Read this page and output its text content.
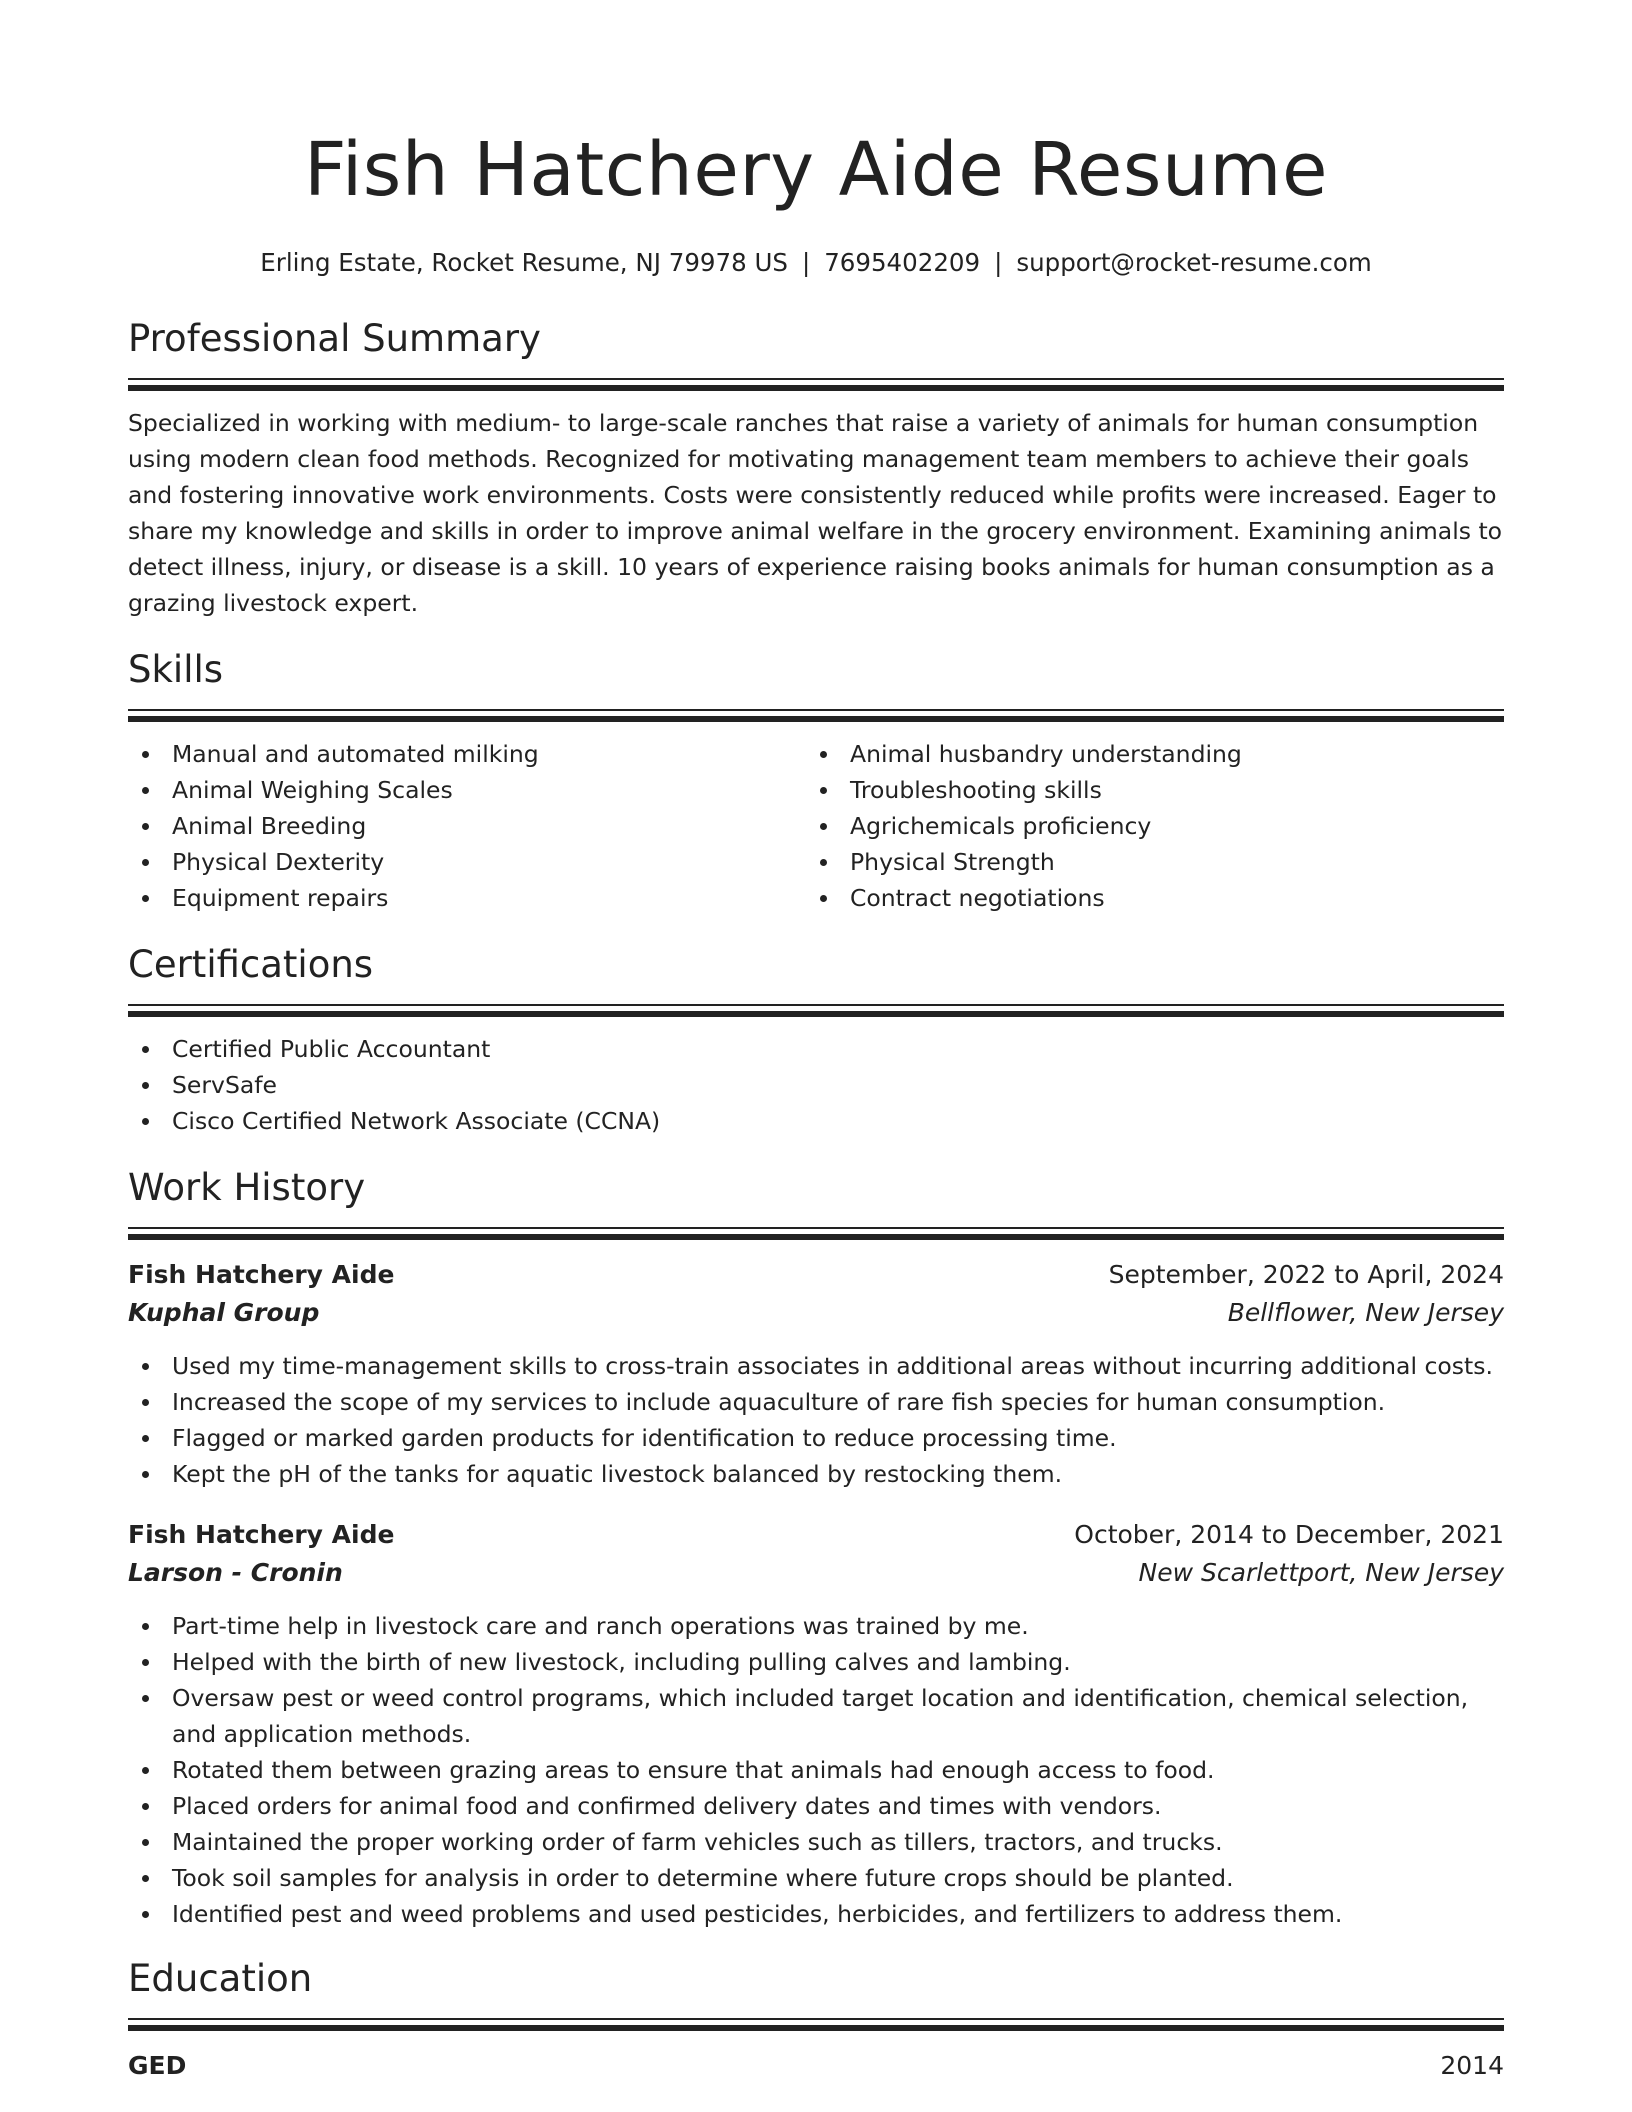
Fish Hatchery Aide Resume
Erling Estate, Rocket Resume, NJ 79978 US | 7695402209 | support@rocket-resume.com
Professional Summary

Specialized in working with medium- to large-scale ranches that raise a variety of animals for human consumption using modern clean food methods. Recognized for motivating management team members to achieve their goals and fostering innovative work environments. Costs were consistently reduced while profits were increased. Eager to share my knowledge and skills in order to improve animal welfare in the grocery environment. Examining animals to detect illness, injury, or disease is a skill. 10 years of experience raising books animals for human consumption as a grazing livestock expert.

Skills
Manual and automated milking
Animal Weighing Scales
Animal Breeding
Physical Dexterity
Equipment repairs
Animal husbandry understanding
Troubleshooting skills
Agrichemicals proficiency
Physical Strength
Contract negotiations
Certifications
Certified Public Accountant
ServSafe
Cisco Certified Network Associate (CCNA)
Work History
Fish Hatchery Aide	September, 2022 to April, 2024
Kuphal Group	Bellflower, New Jersey
Used my time-management skills to cross-train associates in additional areas without incurring additional costs.
Increased the scope of my services to include aquaculture of rare fish species for human consumption.
Flagged or marked garden products for identification to reduce processing time.
Kept the pH of the tanks for aquatic livestock balanced by restocking them.
Fish Hatchery Aide	October, 2014 to December, 2021
Larson - Cronin	New Scarlettport, New Jersey
Part-time help in livestock care and ranch operations was trained by me.
Helped with the birth of new livestock, including pulling calves and lambing.
Oversaw pest or weed control programs, which included target location and identification, chemical selection, and application methods.
Rotated them between grazing areas to ensure that animals had enough access to food.
Placed orders for animal food and confirmed delivery dates and times with vendors.
Maintained the proper working order of farm vehicles such as tillers, tractors, and trucks.
Took soil samples for analysis in order to determine where future crops should be planted.
Identified pest and weed problems and used pesticides, herbicides, and fertilizers to address them.
Education
GED	2014
